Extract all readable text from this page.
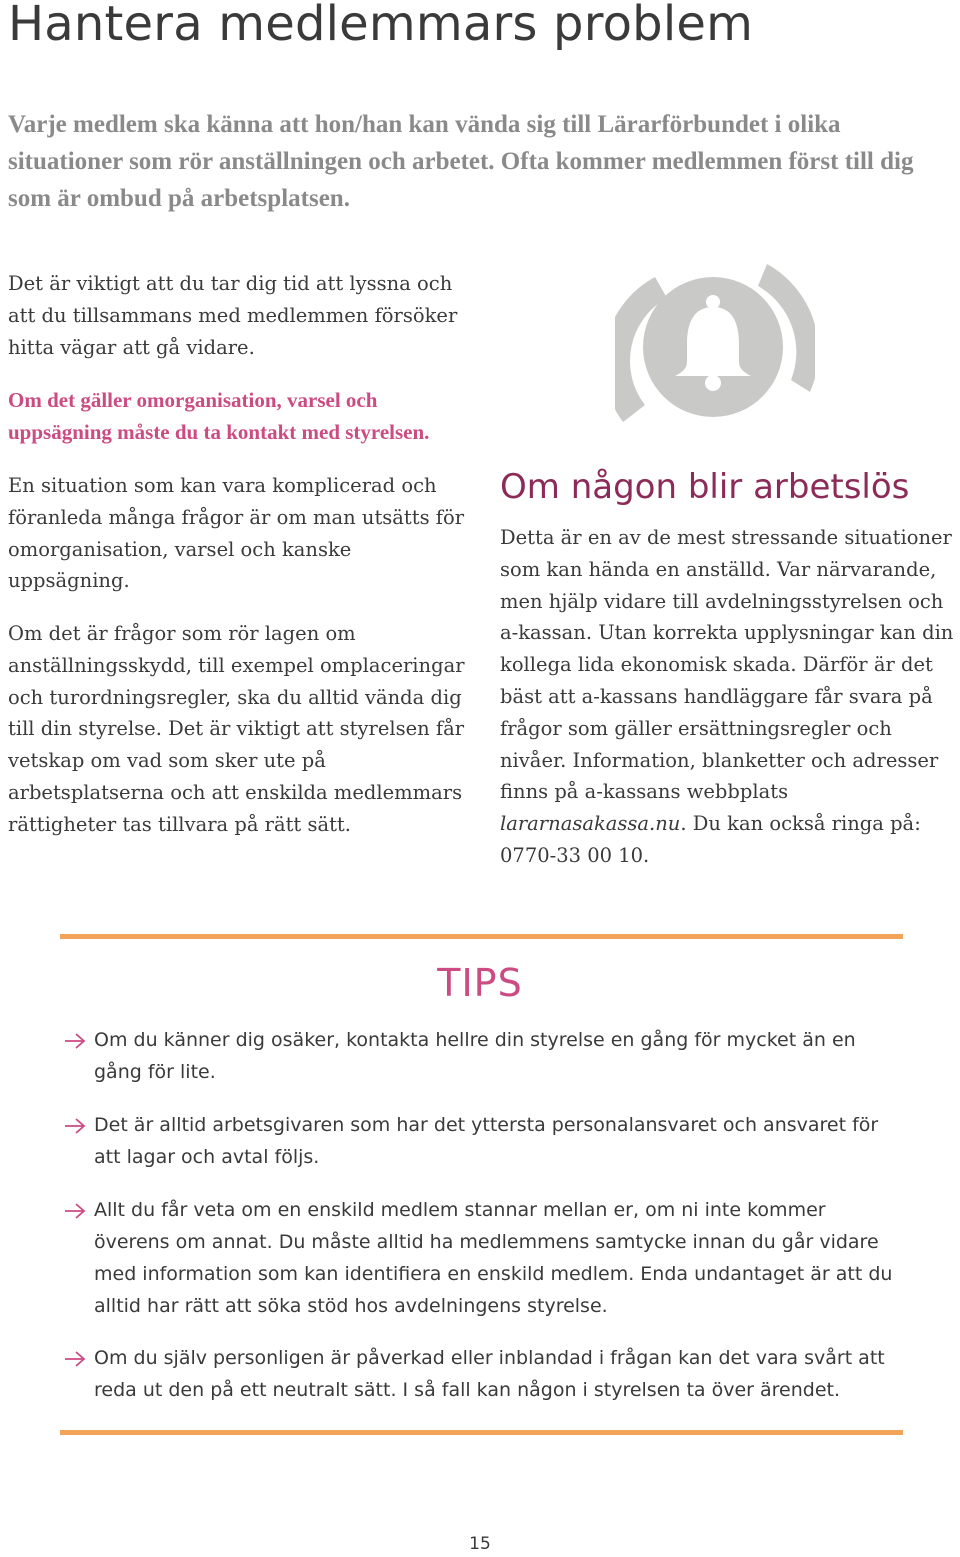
Hantera medlemmars problem

Varje medlem ska känna att hon/han kan vända sig till Lärarförbundet i olika situationer som rör anställningen och arbetet. Ofta kommer medlemmen först till dig som är ombud på arbetsplatsen.

Det är viktigt att du tar dig tid att lyssna och att du tillsammans med medlemmen försöker hitta vägar att gå vidare.

Om det gäller omorganisation, varsel och uppsägning måste du ta kontakt med styrelsen.

En situation som kan vara komplicerad och föranleda många frågor är om man utsätts för omorganisation, varsel och kanske uppsägning.

Om det är frågor som rör lagen om anställningsskydd, till exempel omplaceringar och turordningsregler, ska du alltid vända dig till din styrelse. Det är viktigt att styrelsen får vetskap om vad som sker ute på arbetsplatserna och att enskilda medlemmars rättigheter tas tillvara på rätt sätt.

Om någon blir arbetslös

Detta är en av de mest stressande situationer som kan hända en anställd. Var närvarande, men hjälp vidare till avdelningsstyrelsen och a-kassan. Utan korrekta upplysningar kan din kollega lida ekonomisk skada. Därför är det bäst att a-kassans handläggare får svara på frågor som gäller ersättningsregler och nivåer. Information, blanketter och adresser finns på a-kassans webbplats lararnasakassa.nu. Du kan också ringa på: 0770-33 00 10.

TIPS

Om du känner dig osäker, kontakta hellre din styrelse en gång för mycket än en gång för lite.

Det är alltid arbetsgivaren som har det yttersta personalansvaret och ansvaret för att lagar och avtal följs.

Allt du får veta om en enskild medlem stannar mellan er, om ni inte kommer överens om annat. Du måste alltid ha medlemmens samtycke innan du går vidare med information som kan identifiera en enskild medlem. Enda undantaget är att du alltid har rätt att söka stöd hos avdelningens styrelse.

Om du själv personligen är påverkad eller inblandad i frågan kan det vara svårt att reda ut den på ett neutralt sätt. I så fall kan någon i styrelsen ta över ärendet.

15
